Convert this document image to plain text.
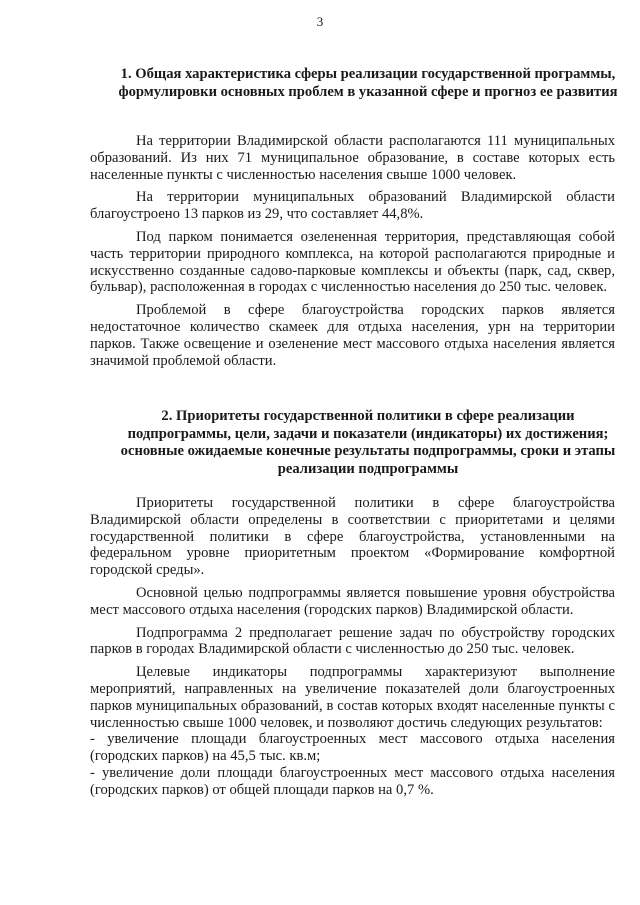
3
1. Общая характеристика сферы реализации государственной программы, формулировки основных проблем в указанной сфере и прогноз ее развития

На территории Владимирской области располагаются 111 муниципальных образований. Из них 71 муниципальное образование, в составе которых есть населенные пункты с численностью населения свыше 1000 человек.

На территории муниципальных образований Владимирской области благоустроено 13 парков из 29, что составляет 44,8%.

Под парком понимается озелененная территория, представляющая собой часть территории природного комплекса, на которой располагаются природные и искусственно созданные садово-парковые комплексы и объекты (парк, сад, сквер, бульвар), расположенная в городах с численностью населения до 250 тыс. человек.

Проблемой в сфере благоустройства городских парков является недостаточное количество скамеек для отдыха населения, урн на территории парков. Также освещение и озеленение мест массового отдыха населения является значимой проблемой области.

2. Приоритеты государственной политики в сфере реализации подпрограммы, цели, задачи и показатели (индикаторы) их достижения; основные ожидаемые конечные результаты подпрограммы, сроки и этапы реализации подпрограммы

Приоритеты государственной политики в сфере благоустройства Владимирской области определены в соответствии с приоритетами и целями государственной политики в сфере благоустройства, установленными на федеральном уровне приоритетным проектом «Формирование комфортной городской среды».

Основной целью подпрограммы является повышение уровня обустройства мест массового отдыха населения (городских парков) Владимирской области.

Подпрограмма 2 предполагает решение задач по обустройству городских парков в городах Владимирской области с численностью до 250 тыс. человек.

Целевые индикаторы подпрограммы характеризуют выполнение мероприятий, направленных на увеличение показателей доли благоустроенных парков муниципальных образований, в состав которых входят населенные пункты с численностью свыше 1000 человек, и позволяют достичь следующих результатов:

- увеличение площади благоустроенных мест массового отдыха населения (городских парков) на 45,5 тыс. кв.м;

- увеличение доли площади благоустроенных мест массового отдыха населения (городских парков) от общей площади парков на 0,7 %.
